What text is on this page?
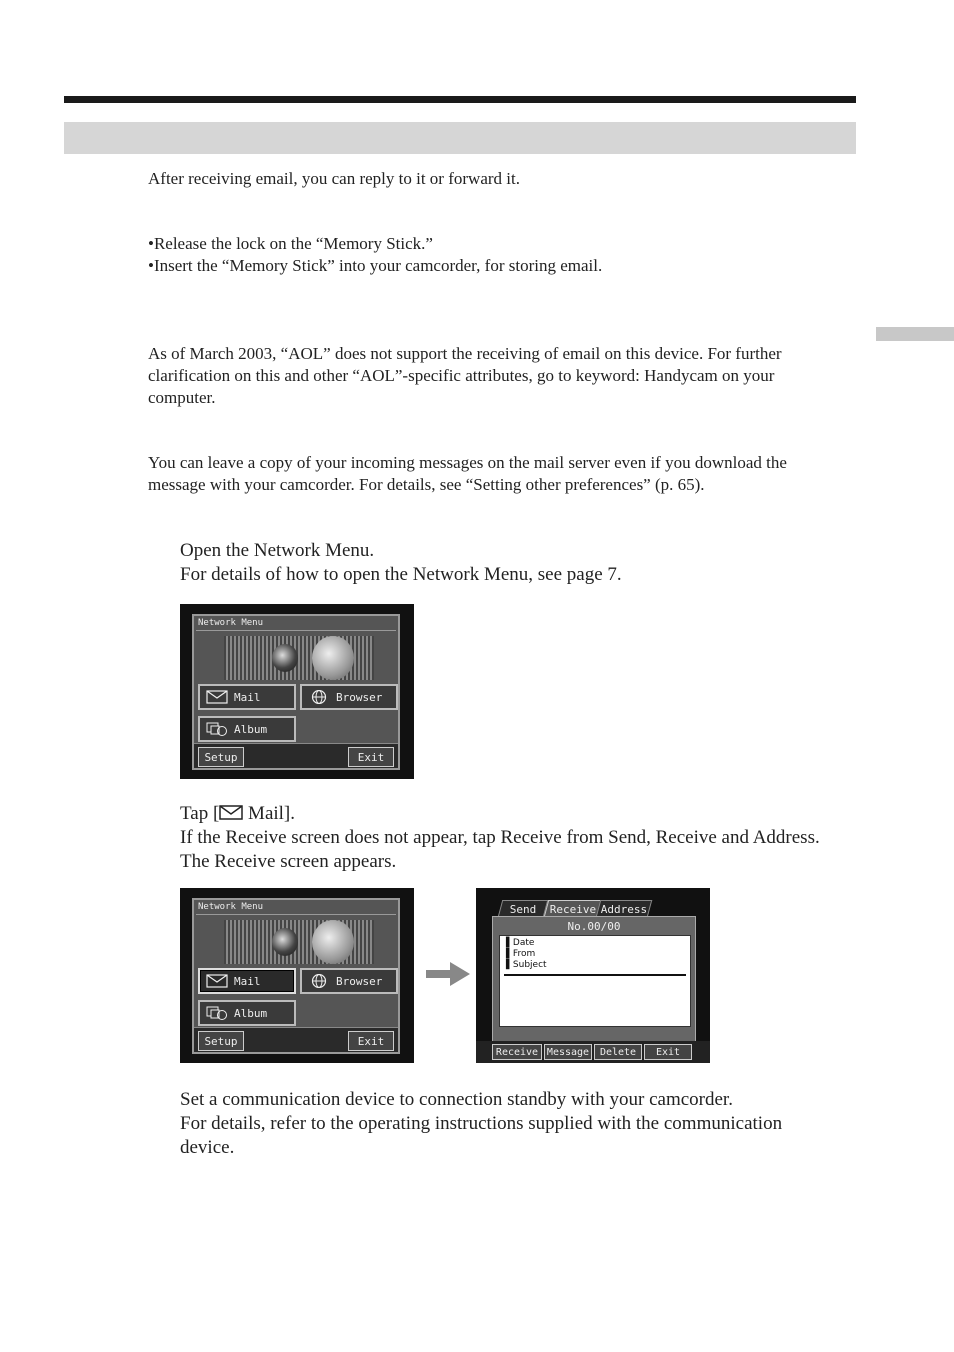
After receiving email, you can reply to it or forward it.

•Release the lock on the “Memory Stick.”

•Insert the “Memory Stick” into your camcorder, for storing email.

As of March 2003, “AOL” does not support the receiving of email on this device. For further clarification on this and other “AOL”-specific attributes, go to keyword: Handycam on your computer.
You can leave a copy of your incoming messages on the mail server even if you download the message with your camcorder. For details, see “Setting other preferences” (p. 65).
Open the Network Menu.
For details of how to open the Network Menu, see page 7.
Network Menu
Mail	Browser
Album
Setup	Exit
Tap [ Mail].
If the Receive screen does not appear, tap Receive from Send, Receive and Address. The Receive screen appears.
Network Menu
Mail	Browser
Album
Setup	Exit
Send Receive Address
No.00/00
▌Date
▌From
▌Subject
Receive Message	Delete	Exit
Set a communication device to connection standby with your camcorder.
For details, refer to the operating instructions supplied with the communication device.
